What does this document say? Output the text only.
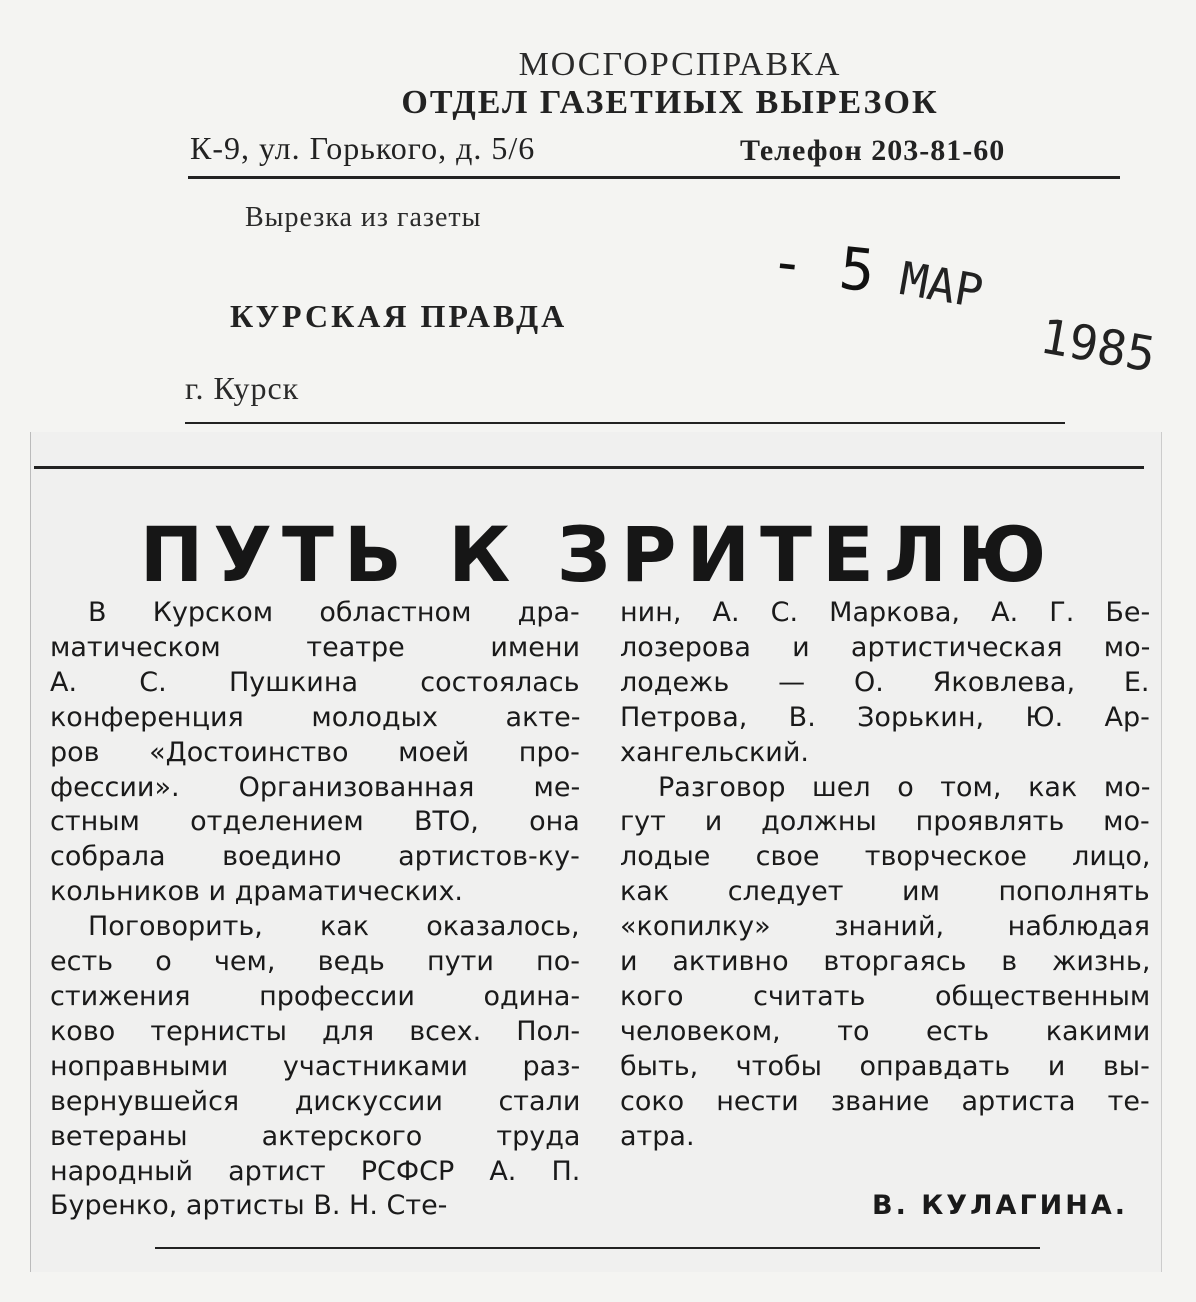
МОСГОРСПРАВКА
ОТДЕЛ ГАЗЕТИЫХ ВЫРЕЗОК
К-9, ул. Горького, д. 5/6	Телефон 203-81-60
Вырезка из газеты
КУРСКАЯ ПРАВДА
г. Курск
- 5 МАР
1985
ПУТЬ К ЗРИТЕЛЮ
В Курском областном дра-
матическом театре имени
А. С. Пушкина состоялась
конференция молодых акте-
ров «Достоинство моей про-
фессии». Организованная ме-
стным отделением ВТО, она
собрала воедино артистов-ку-
кольников и драматических.
Поговорить, как оказалось,
есть о чем, ведь пути по-
стижения профессии одина-
ково тернисты для всех. Пол-
ноправными участниками раз-
вернувшейся дискуссии стали
ветераны актерского труда
народный артист РСФСР А. П.
Буренко, артисты В. Н. Сте-
нин, А. С. Маркова, А. Г. Бе-
лозерова и артистическая мо-
лодежь — О. Яковлева, Е.
Петрова, В. Зорькин, Ю. Ар-
хангельский.
Разговор шел о том, как мо-
гут и должны проявлять мо-
лодые свое творческое лицо,
как следует им пополнять
«копилку» знаний, наблюдая
и активно вторгаясь в жизнь,
кого считать общественным
человеком, то есть какими
быть, чтобы оправдать и вы-
соко нести звание артиста те-
атра.
В. КУЛАГИНА.
